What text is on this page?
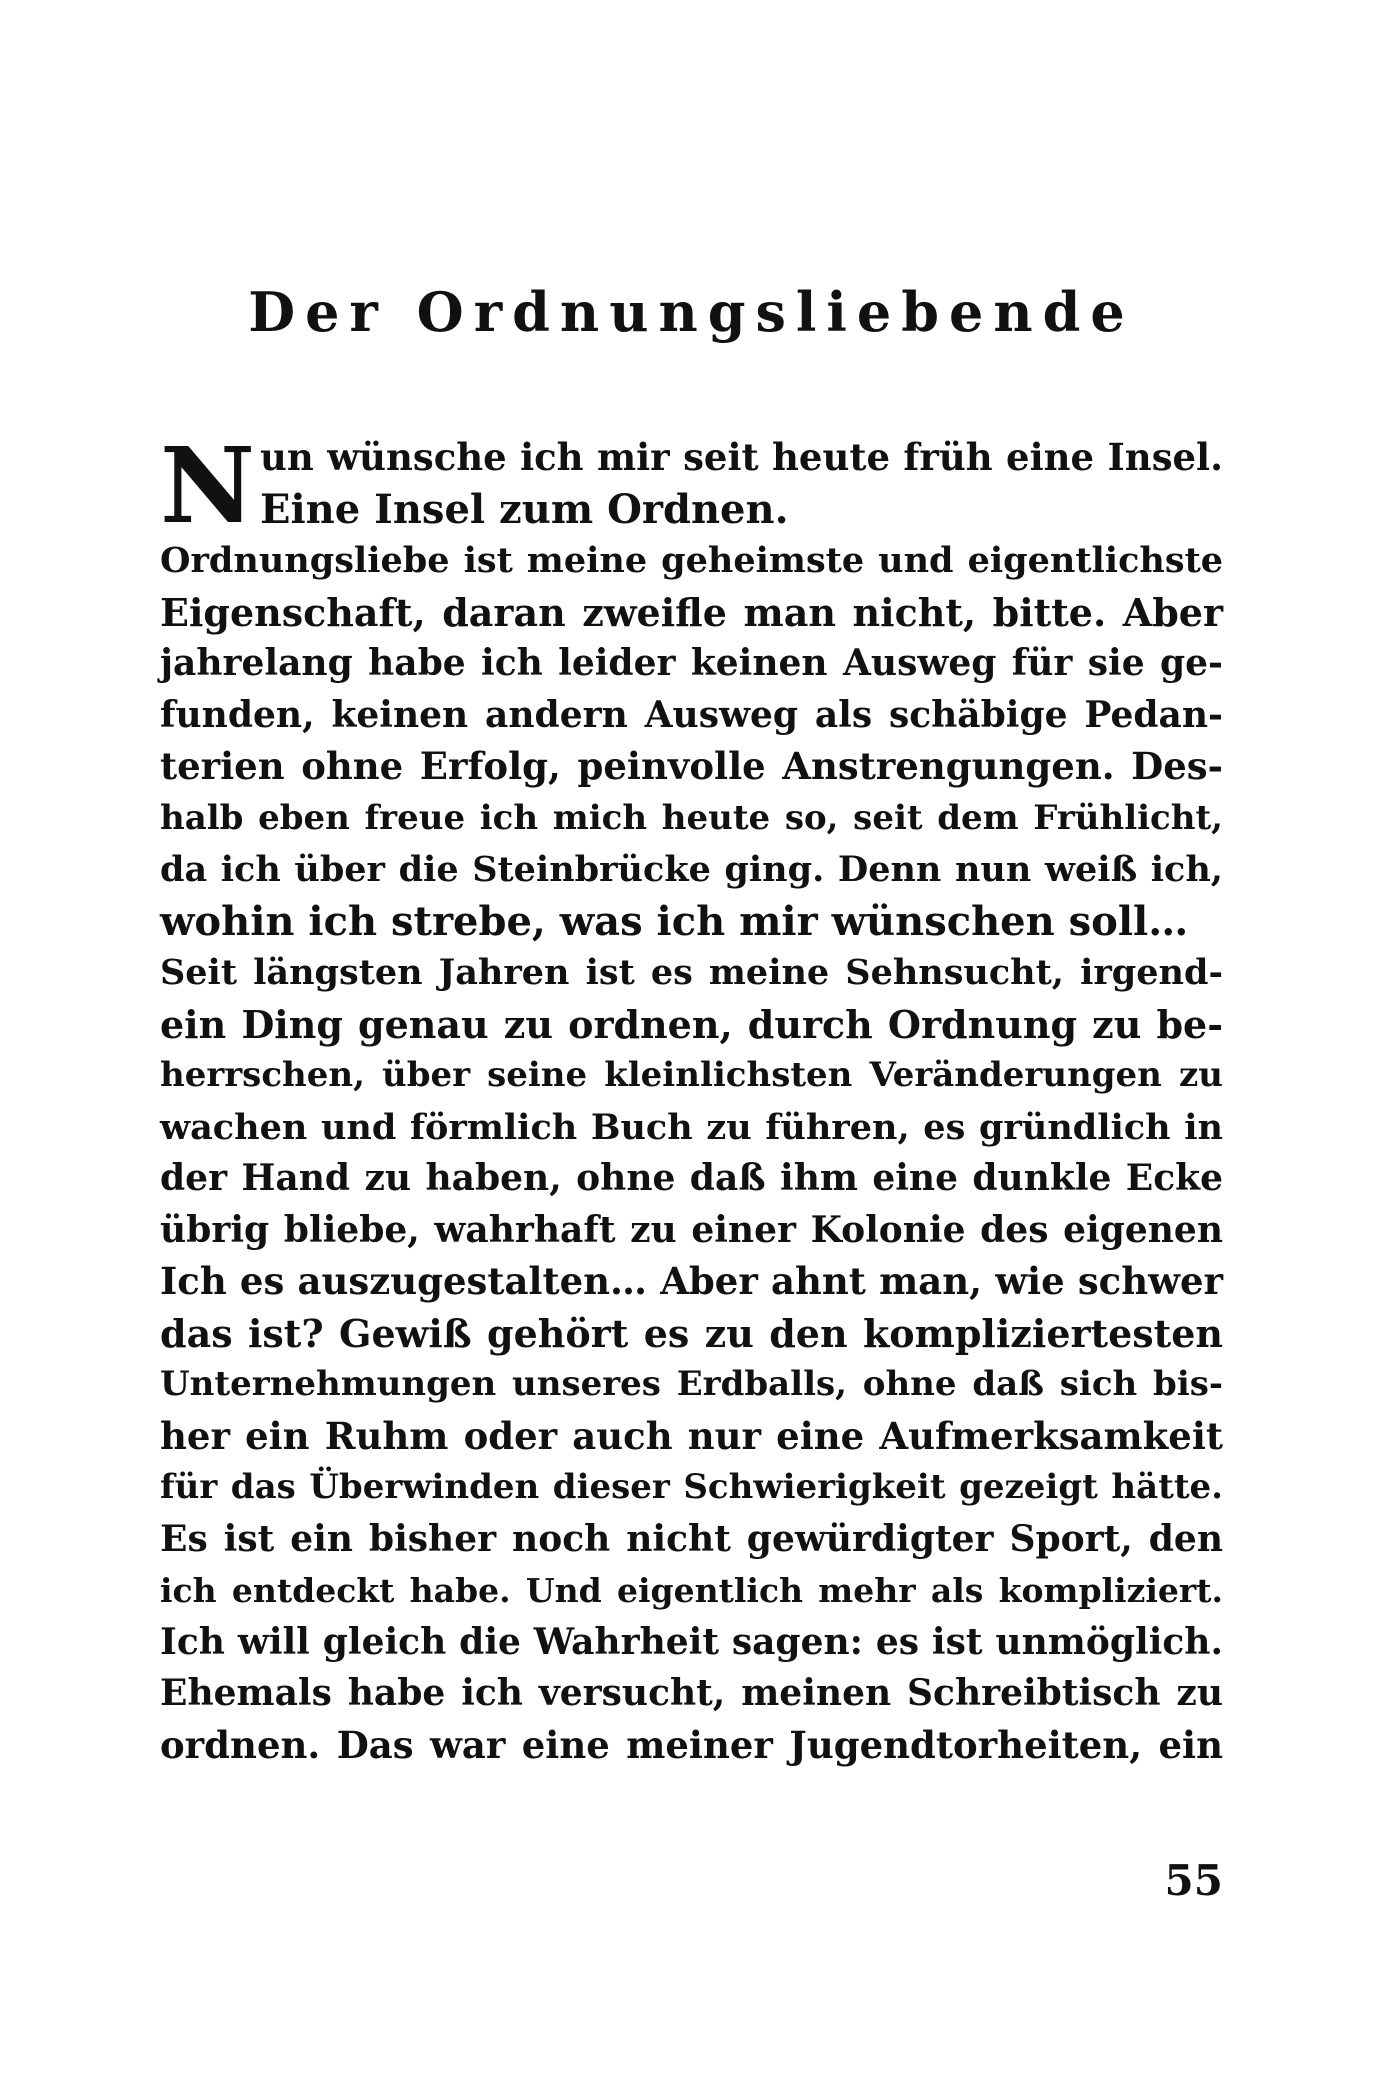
Der Ordnungsliebende
N un wünsche ich mir seit heute früh eine Insel.
Eine Insel zum Ordnen.
Ordnungsliebe ist meine geheimste und eigentlichste
Eigenschaft, daran zweifle man nicht, bitte. Aber
jahrelang habe ich leider keinen Ausweg für sie ge-
funden, keinen andern Ausweg als schäbige Pedan-
terien ohne Erfolg, peinvolle Anstrengungen. Des-
halb eben freue ich mich heute so, seit dem Frühlicht,
da ich über die Steinbrücke ging. Denn nun weiß ich,
wohin ich strebe, was ich mir wünschen soll…
Seit längsten Jahren ist es meine Sehnsucht, irgend-
ein Ding genau zu ordnen, durch Ordnung zu be-
herrschen, über seine kleinlichsten Veränderungen zu
wachen und förmlich Buch zu führen, es gründlich in
der Hand zu haben, ohne daß ihm eine dunkle Ecke
übrig bliebe, wahrhaft zu einer Kolonie des eigenen
Ich es auszugestalten… Aber ahnt man, wie schwer
das ist? Gewiß gehört es zu den kompliziertesten
Unternehmungen unseres Erdballs, ohne daß sich bis-
her ein Ruhm oder auch nur eine Aufmerksamkeit
für das Überwinden dieser Schwierigkeit gezeigt hätte.
Es ist ein bisher noch nicht gewürdigter Sport, den
ich entdeckt habe. Und eigentlich mehr als kompliziert.
Ich will gleich die Wahrheit sagen: es ist unmöglich.
Ehemals habe ich versucht, meinen Schreibtisch zu
ordnen. Das war eine meiner Jugendtorheiten, ein
55
